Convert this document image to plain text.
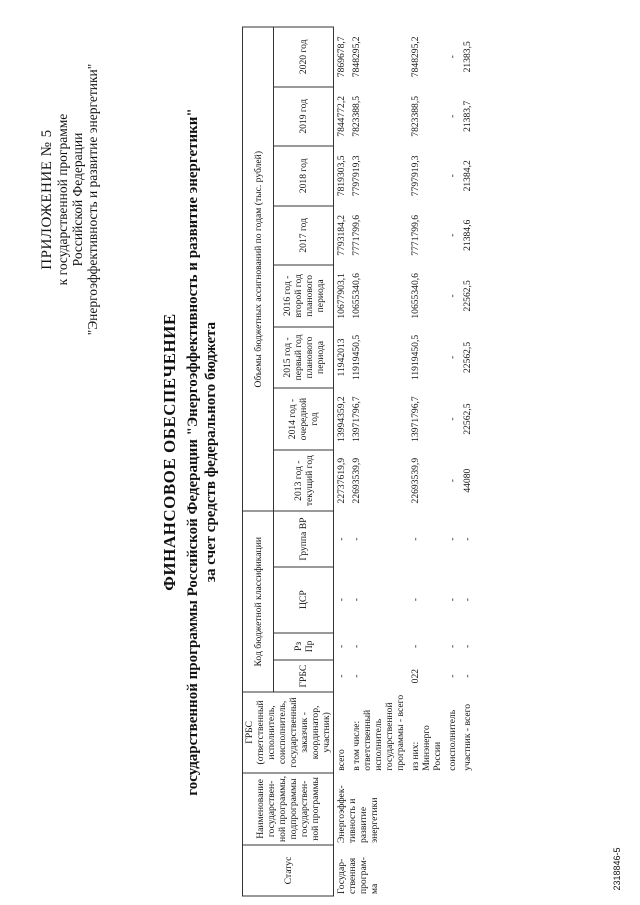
ПРИЛОЖЕНИЕ № 5 к государственной программе Российской Федерации "Энергоэффективность и развитие энергетики"
ФИНАНСОВОЕ ОБЕСПЕЧЕНИЕ государственной программы Российской Федерации "Энергоэффективность и развитие энергетики" за счет средств федерального бюджета
Статус	Наименование государствен-ной программы, подпрограммы государствен-ной программы	ГРБС (ответственный исполнитель, соисполнитель, государственный заказчик - координатор, участник)	Код бюджетной классификации				Объемы бюджетных ассигнований по годам (тыс. рублей)							
			ГРБС	Рз Пр	ЦСР	Группа ВР	2013 год - текущий год	2014 год - очередной год	2015 год - первый год планового периода	2016 год - второй год планового периода	2017 год	2018 год	2019 год	2020 год
Государ-ственная програм-ма	Энергоэффек-тивность и развитие энергетики	всего	-	-	-	-	22737619,9	13994359,2	11942013	10677903,1	7793184,2	7819303,5	7844772,2	7869678,7
		в том числе: ответственный исполнитель государственной программы - всего	-	-	-	-	22693539,9	13971796,7	11919450,5	10655340,6	7771799,6	7797919,3	7823388,5	7848295,2
		из них: Минэнерго России	022	-	-	-	22693539,9	13971796,7	11919450,5	10655340,6	7771799,6	7797919,3	7823388,5	7848295,2
		соисполнитель	-	-	-	-	-	-	-	-	-	-	-	-
		участник - всего	-	-	-	-	44080	22562,5	22562,5	22562,5	21384,6	21384,2	21383,7	21383,5
2318846-5
